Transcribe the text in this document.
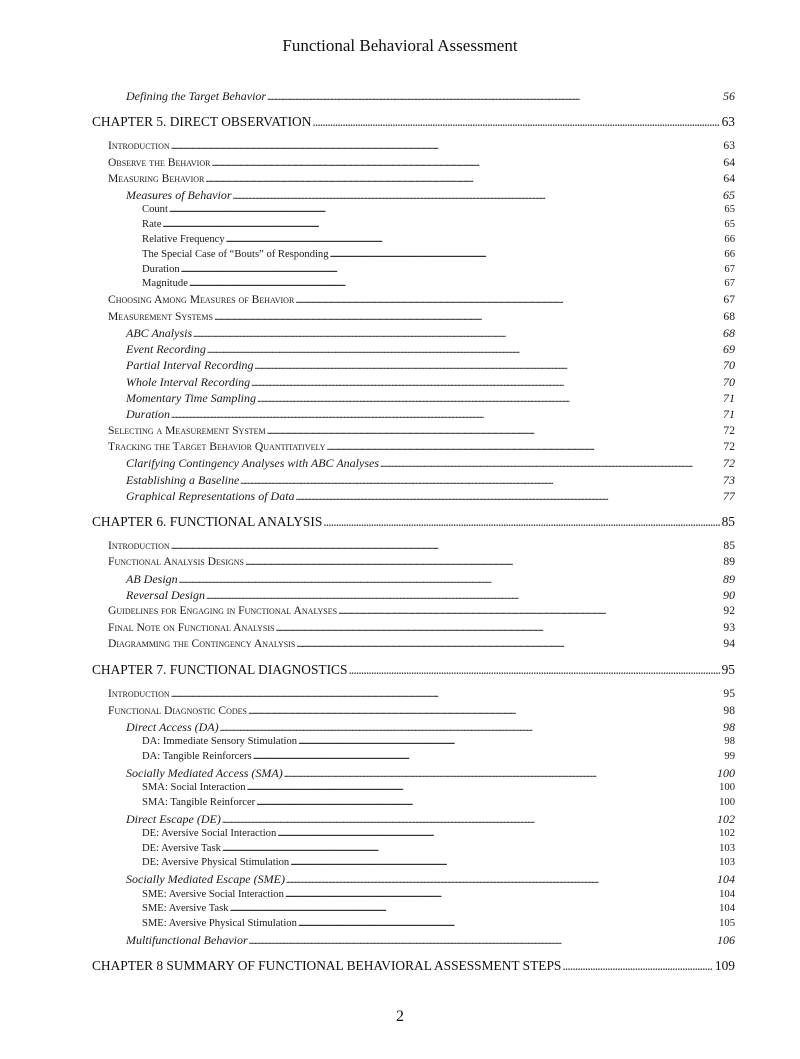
Functional Behavioral Assessment
Defining the Target Behavior . . .	56
CHAPTER 5. DIRECT OBSERVATION . . .	63
Introduction . . .	63
Observe the Behavior . . .	64
Measuring Behavior . . .	64
Measures of Behavior . . .	65
Count . . .	65
Rate . . .	65
Relative Frequency . . .	66
The Special Case of “Bouts” of Responding . . .	66
Duration . . .	67
Magnitude . . .	67
Choosing Among Measures of Behavior . . .	67
Measurement Systems . . .	68
ABC Analysis . . .	68
Event Recording . . .	69
Partial Interval Recording . . .	70
Whole Interval Recording . . .	70
Momentary Time Sampling . . .	71
Duration . . .	71
Selecting a Measurement System . . .	72
Tracking the Target Behavior Quantitatively . . .	72
Clarifying Contingency Analyses with ABC Analyses . . .	72
Establishing a Baseline . . .	73
Graphical Representations of Data . . .	77
CHAPTER 6. FUNCTIONAL ANALYSIS . . .	85
Introduction . . .	85
Functional Analysis Designs . . .	89
AB Design . . .	89
Reversal Design . . .	90
Guidelines for Engaging in Functional Analyses . . .	92
Final Note on Functional Analysis . . .	93
Diagramming the Contingency Analysis . . .	94
CHAPTER 7. FUNCTIONAL DIAGNOSTICS . . .	95
Introduction . . .	95
Functional Diagnostic Codes . . .	98
Direct Access (DA) . . .	98
DA: Immediate Sensory Stimulation . . .	98
DA: Tangible Reinforcers . . .	99
Socially Mediated Access (SMA) . . .	100
SMA: Social Interaction . . .	100
SMA: Tangible Reinforcer . . .	100
Direct Escape (DE) . . .	102
DE: Aversive Social Interaction . . .	102
DE: Aversive Task . . .	103
DE: Aversive Physical Stimulation . . .	103
Socially Mediated Escape (SME) . . .	104
SME: Aversive Social Interaction . . .	104
SME: Aversive Task . . .	104
SME: Aversive Physical Stimulation . . .	105
Multifunctional Behavior . . .	106
CHAPTER 8 SUMMARY OF FUNCTIONAL BEHAVIORAL ASSESSMENT STEPS . . .	109
2
